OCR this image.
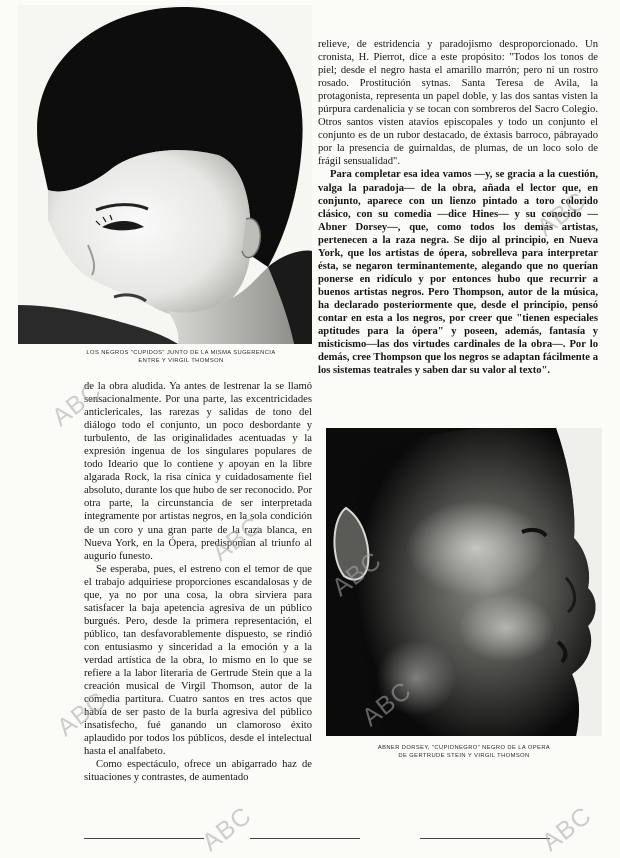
LOS NEGROS "CUPIDOS" JUNTO DE LA MISMA SUGERENCIA ENTRE Y VIRGIL THOMSON

relieve, de estridencia y paradojismo desproporcionado. Un cronista, H. Pierrot, dice a este propósito: "Todos los tonos de piel; desde el negro hasta el amarillo marrón; pero ni un rostro rosado. Prostitución sytnas. Santa Teresa de Avila, la protagonista, representa un papel doble, y las dos santas visten la púrpura cardenalicia y se tocan con sombreros del Sacro Colegio. Otros santos visten atavíos episcopales y todo un conjunto el conjunto es de un rubor destacado, de éxtasis barroco, pábrayado por la presencia de guirnaldas, de plumas, de un loco solo de frágil sensualidad".

Para completar esa idea vamos —y, se gracia a la cuestión, valga la paradoja— de la obra, añada el lector que, en conjunto, aparece con un lienzo pintado a toro colorido clásico, con su comedia —dice Hines— y su conocido —Abner Dorsey—, que, como todos los demás artistas, pertenecen a la raza negra. Se dijo al principio, en Nueva York, que los artistas de ópera, sobrelleva para interpretar ésta, se negaron terminantemente, alegando que no querían ponerse en ridículo y por entonces hubo que recurrir a buenos artistas negros. Pero Thompson, autor de la música, ha declarado posteriormente que, desde el principio, pensó contar en esta a los negros, por creer que "tienen especiales aptitudes para la ópera" y poseen, además, fantasía y misticismo—las dos virtudes cardinales de la obra—. Por lo demás, cree Thompson que los negros se adaptan fácilmente a los sistemas teatrales y saben dar su valor al texto".

de la obra aludida. Ya antes de lestrenar la se llamó sensacionalmente. Por una parte, las excentricidades anticlericales, las rarezas y salidas de tono del diálogo todo el conjunto, un poco desbordante y turbulento, de las originalidades acentuadas y la expresión ingenua de los singulares populares de todo Ideario que lo contiene y apoyan en la libre algarada Rock, la risa cínica y cuidadosamente fiel absoluto, durante los que hubo de ser reconocido. Por otra parte, la circunstancia de ser interpretada íntegramente por artistas negros, en la sola condición de un coro y una gran parte de la raza blanca, en Nueva York, en la Ópera, predisponían al triunfo al augurio funesto.

Se esperaba, pues, el estreno con el temor de que el trabajo adquiriese proporciones escandalosas y de que, ya no por una cosa, la obra sirviera para satisfacer la baja apetencia agresiva de un público burgués. Pero, desde la primera representación, el público, tan desfavorablemente dispuesto, se rindió con entusiasmo y sinceridad a la emoción y a la verdad artística de la obra, lo mismo en lo que se refiere a la labor literaria de Gertrude Stein que a la creación musical de Virgil Thomson, autor de la comedia partitura. Cuatro santos en tres actos que había de ser pasto de la burla agresiva del público insatisfecho, fué ganando un clamoroso éxito aplaudido por todos los públicos, desde el intelectual hasta el analfabeto.

Como espectáculo, ofrece un abigarrado haz de situaciones y contrastes, de aumentado

ABNER DORSEY, "CUPIDNEGRO" NEGRO DE LA OPERA
DE GERTRUDE STEIN Y VIRGIL THOMSON
ABC
ABC
ABC
ABC
ABC
ABC
ABC
ABC
